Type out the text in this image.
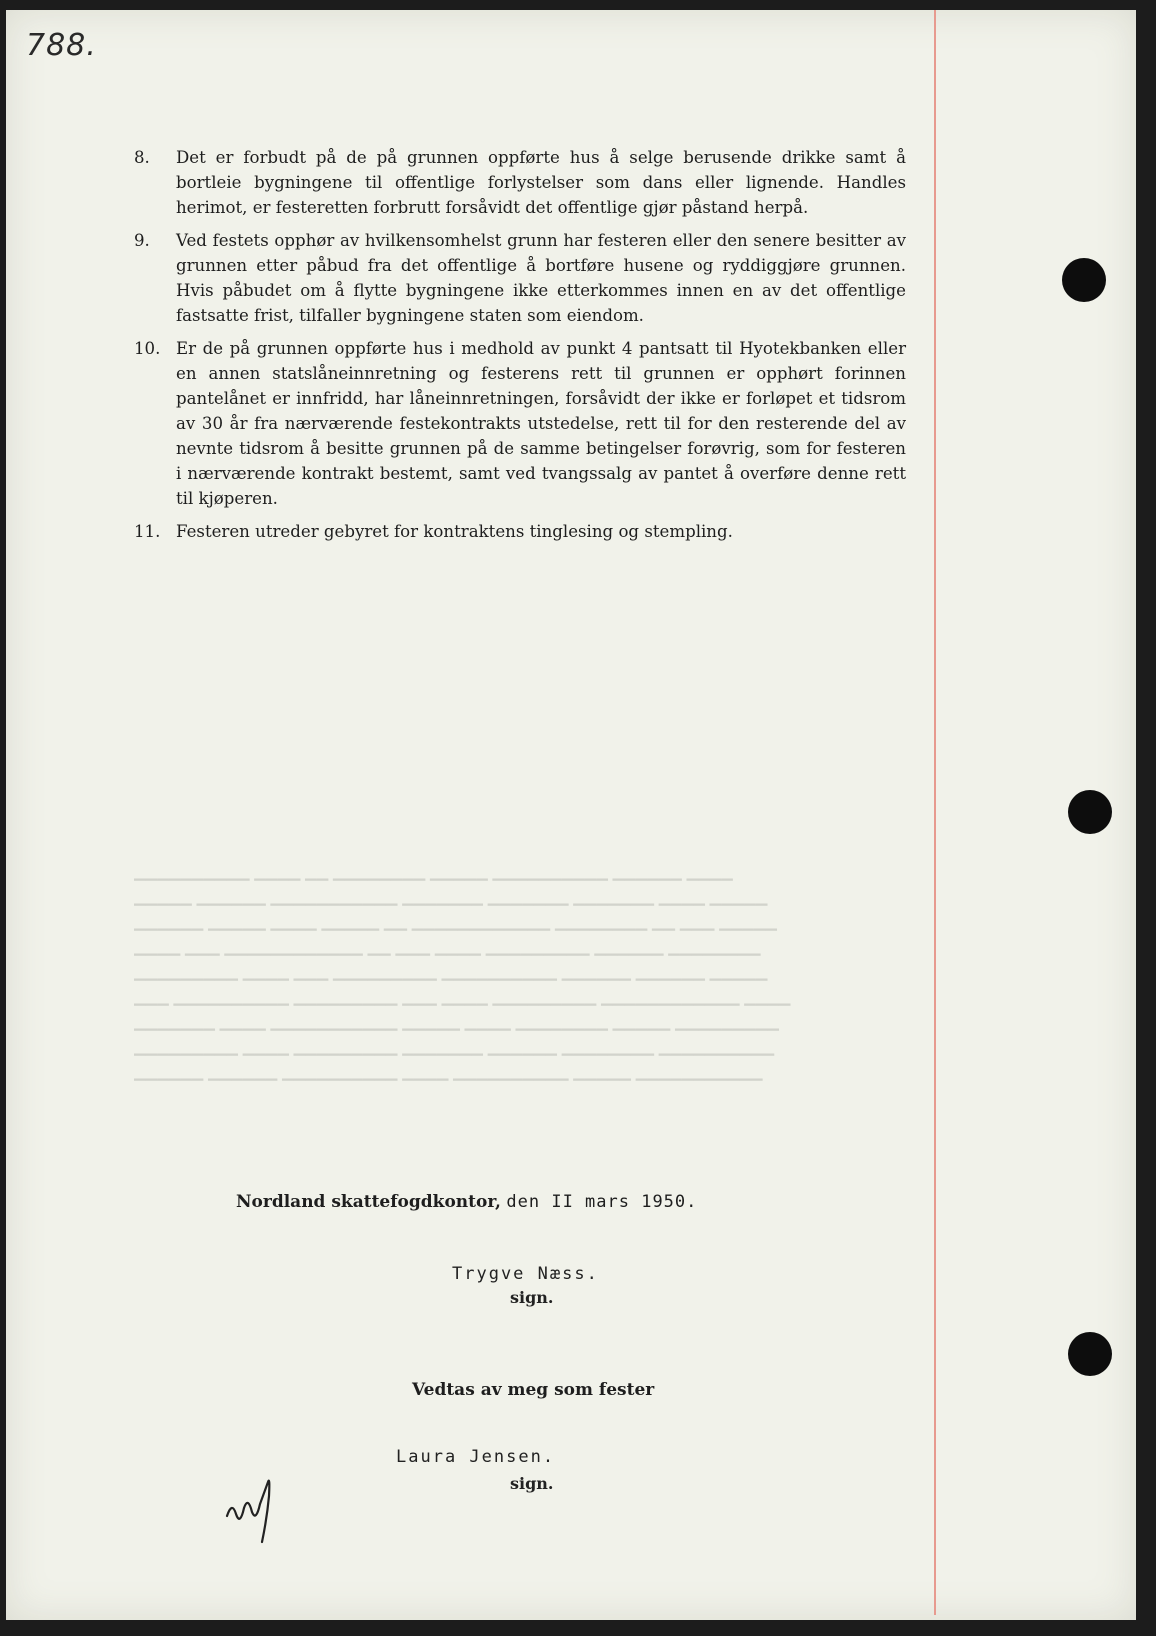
788.
8. Det er forbudt på de på grunnen oppførte hus å selge berusende drikke samt å bortleie bygningene til offentlige forlystelser som dans eller lignende. Handles herimot, er festeretten forbrutt forsåvidt det offentlige gjør påstand herpå.
9. Ved festets opphør av hvilkensomhelst grunn har festeren eller den senere besitter av grunnen etter påbud fra det offentlige å bortføre husene og ryddiggjøre grunnen. Hvis påbudet om å flytte bygningene ikke etterkommes innen en av det offentlige fastsatte frist, tilfaller bygningene staten som eiendom.
10. Er de på grunnen oppførte hus i medhold av punkt 4 pantsatt til Hyotekbanken eller en annen statslåneinnretning og festerens rett til grunnen er opphørt forinnen pantelånet er innfridd, har låneinnretningen, forsåvidt der ikke er forløpet et tidsrom av 30 år fra nærværende festekontrakts utstedelse, rett til for den resterende del av nevnte tidsrom å besitte grunnen på de samme betingelser forøvrig, som for festeren i nærværende kontrakt bestemt, samt ved tvangssalg av pantet å overføre denne rett til kjøperen.
11. Festeren utreder gebyret for kontraktens tinglesing og stempling.
▁▁▁▁▁▁▁▁▁▁ ▁▁▁▁ ▁▁ ▁▁▁▁▁▁▁▁ ▁▁▁▁▁ ▁▁▁▁▁▁▁▁▁▁ ▁▁▁▁▁▁ ▁▁▁▁
▁▁▁▁▁ ▁▁▁▁▁▁ ▁▁▁▁▁▁▁▁▁▁▁ ▁▁▁▁▁▁▁ ▁▁▁▁▁▁▁ ▁▁▁▁▁▁▁ ▁▁▁▁ ▁▁▁▁▁
▁▁▁▁▁▁ ▁▁▁▁▁ ▁▁▁▁ ▁▁▁▁▁ ▁▁ ▁▁▁▁▁▁▁▁▁▁▁▁ ▁▁▁▁▁▁▁▁ ▁▁ ▁▁▁ ▁▁▁▁▁
▁▁▁▁ ▁▁▁ ▁▁▁▁▁▁▁▁▁▁▁▁ ▁▁ ▁▁▁ ▁▁▁▁ ▁▁▁▁▁▁▁▁▁ ▁▁▁▁▁▁ ▁▁▁▁▁▁▁▁
▁▁▁▁▁▁▁▁▁ ▁▁▁▁ ▁▁▁ ▁▁▁▁▁▁▁▁▁ ▁▁▁▁▁▁▁▁▁▁ ▁▁▁▁▁▁ ▁▁▁▁▁▁ ▁▁▁▁▁
▁▁▁ ▁▁▁▁▁▁▁▁▁▁ ▁▁▁▁▁▁▁▁▁ ▁▁▁ ▁▁▁▁ ▁▁▁▁▁▁▁▁▁ ▁▁▁▁▁▁▁▁▁▁▁▁ ▁▁▁▁
▁▁▁▁▁▁▁ ▁▁▁▁ ▁▁▁▁▁▁▁▁▁▁▁ ▁▁▁▁▁ ▁▁▁▁ ▁▁▁▁▁▁▁▁ ▁▁▁▁▁ ▁▁▁▁▁▁▁▁▁
▁▁▁▁▁▁▁▁▁ ▁▁▁▁ ▁▁▁▁▁▁▁▁▁ ▁▁▁▁▁▁▁ ▁▁▁▁▁▁ ▁▁▁▁▁▁▁▁ ▁▁▁▁▁▁▁▁▁▁
▁▁▁▁▁▁ ▁▁▁▁▁▁ ▁▁▁▁▁▁▁▁▁▁ ▁▁▁▁ ▁▁▁▁▁▁▁▁▁▁ ▁▁▁▁▁ ▁▁▁▁▁▁▁▁▁▁▁
Nordland skattefogdkontor, den II mars 1950.
Trygve Næss.
sign.
Vedtas av meg som fester
Laura Jensen.
sign.
